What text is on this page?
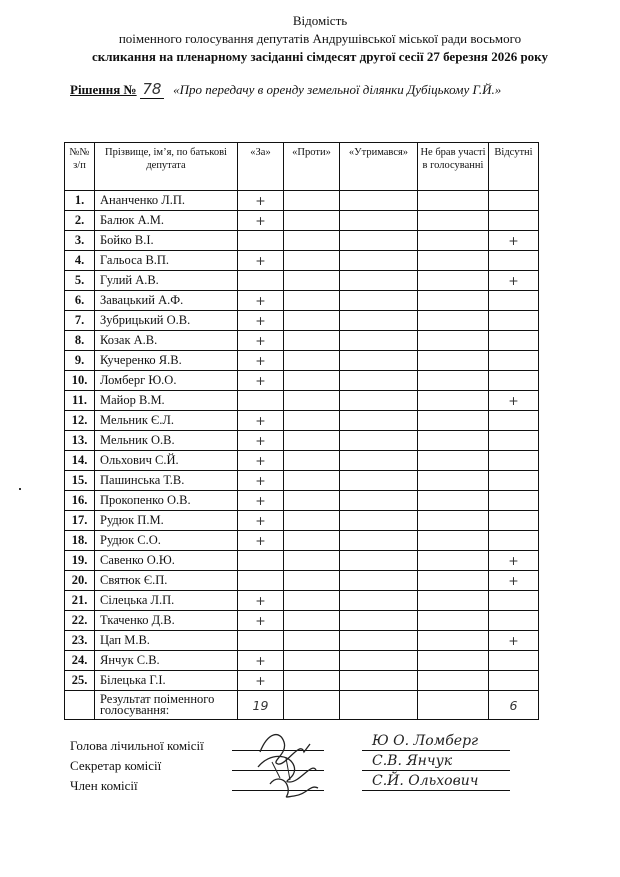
Відомість
поіменного голосування депутатів Андрушівської міської ради восьмого
скликання на пленарному засіданні сімдесят другої сесії 27 березня 2026 року
Рішення № 78 «Про передачу в оренду земельної ділянки Дубіцькому Г.Й.»
№№ з/п	Прізвище, ім’я, по батькові депутата	«За»	«Проти»	«Утримався»	Не брав участі в голосуванні	Відсутні
1.	Ананченко Л.П.	+				
2.	Балюк А.М.	+				
3.	Бойко В.І.					+
4.	Гальоса В.П.	+				
5.	Гулий А.В.					+
6.	Завацький А.Ф.	+				
7.	Зубрицький О.В.	+				
8.	Козак А.В.	+				
9.	Кучеренко Я.В.	+				
10.	Ломберг Ю.О.	+				
11.	Майор В.М.					+
12.	Мельник Є.Л.	+				
13.	Мельник О.В.	+				
14.	Ольхович С.Й.	+				
15.	Пашинська Т.В.	+				
16.	Прокопенко О.В.	+				
17.	Рудюк П.М.	+				
18.	Рудюк С.О.	+				
19.	Савенко О.Ю.					+
20.	Святюк Є.П.					+
21.	Сілецька Л.П.	+				
22.	Ткаченко Д.В.	+				
23.	Цап М.В.					+
24.	Янчук С.В.	+				
25.	Білецька Г.І.	+				
	Результат поіменного голосування:	19				6
Голова лічильної комісії
Секретар комісії
Член комісії
Ю О. Ломберг
С.В. Янчук
С.Й. Ольхович
